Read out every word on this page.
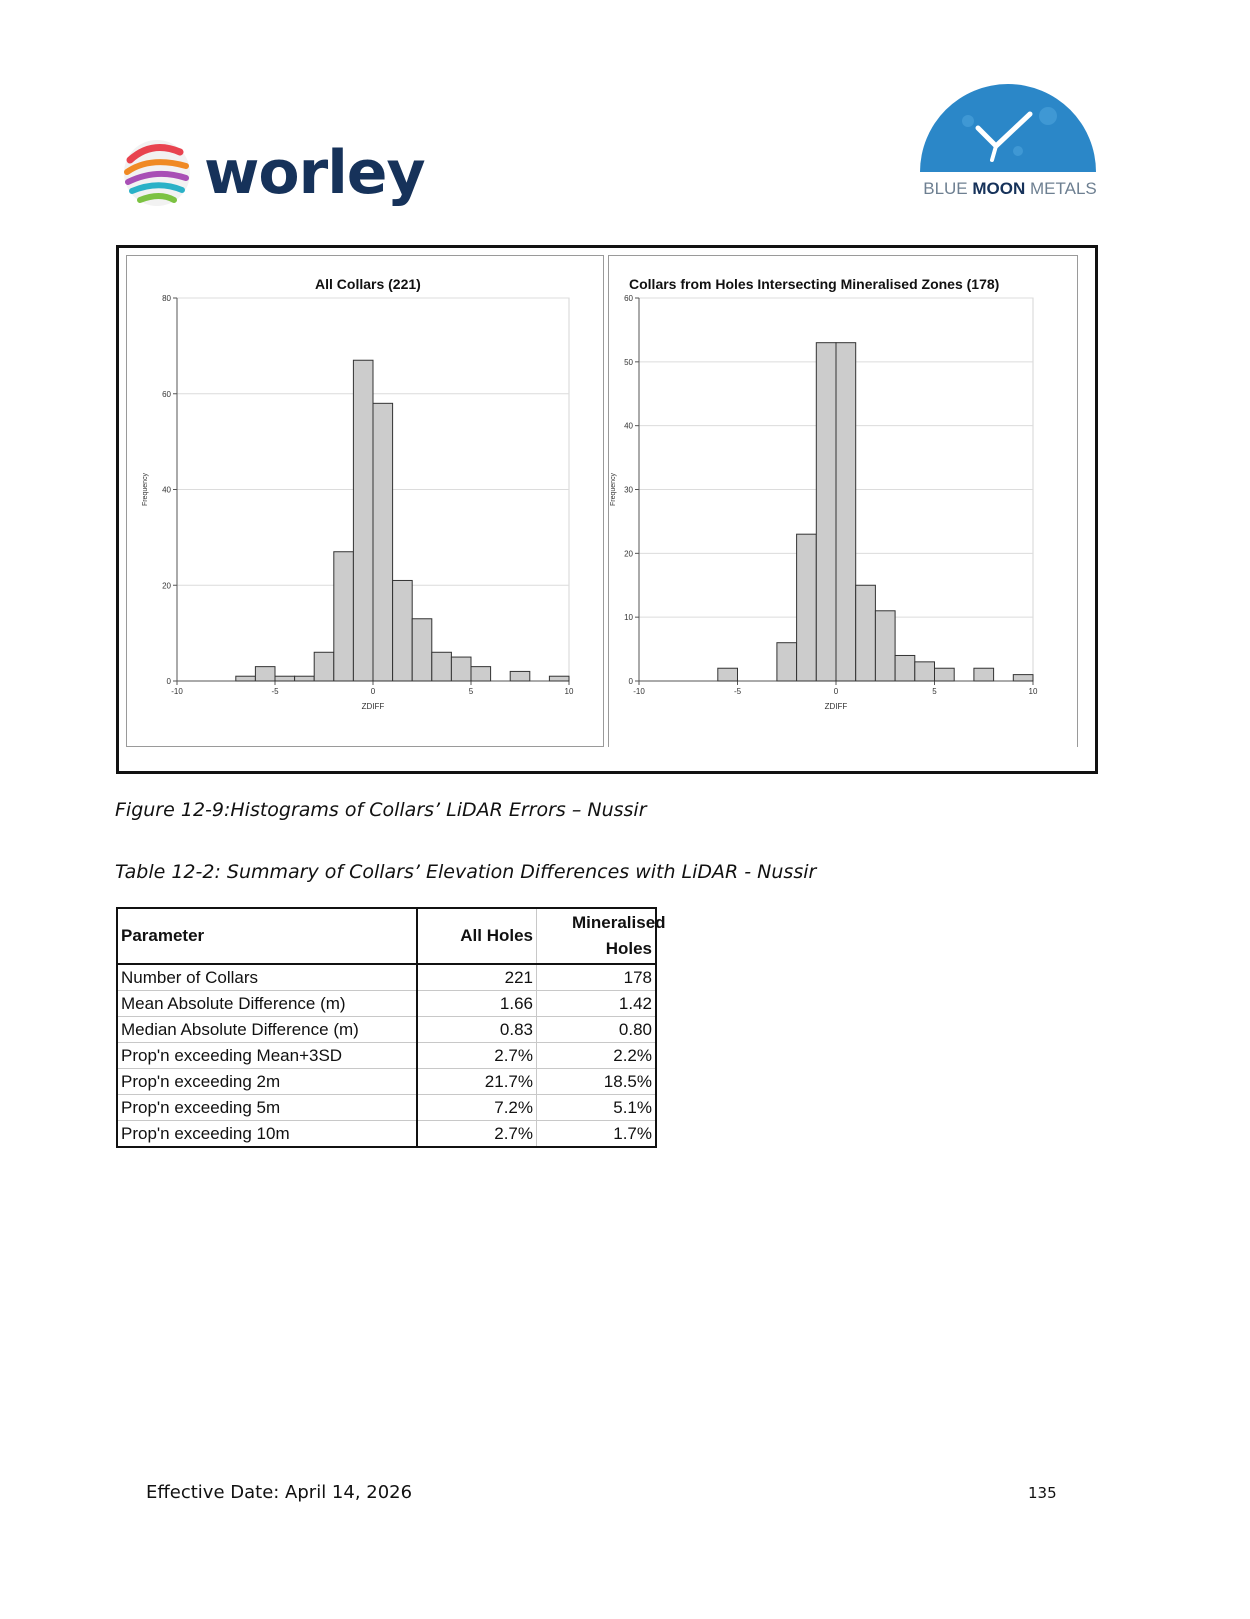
worley	BLUE MOON METALS
All Collars (221)
0
20
40
60
80
-10	-5	0	5	10
ZDIFF
Frequency
Collars from Holes Intersecting Mineralised Zones (178)
0
10
20
30
40
50
60
-10	-5	0	5	10
ZDIFF
Frequency
Figure 12-9:Histograms of Collars’ LiDAR Errors – Nussir
Table 12-2: Summary of Collars’ Elevation Differences with LiDAR - Nussir
Parameter	All Holes	Mineralised Holes
Number of Collars	221	178
Mean Absolute Difference (m)	1.66	1.42
Median Absolute Difference (m)	0.83	0.80
Prop'n exceeding Mean+3SD	2.7%	2.2%
Prop'n exceeding 2m	21.7%	18.5%
Prop'n exceeding 5m	7.2%	5.1%
Prop'n exceeding 10m	2.7%	1.7%
Effective Date: April 14, 2026	135
